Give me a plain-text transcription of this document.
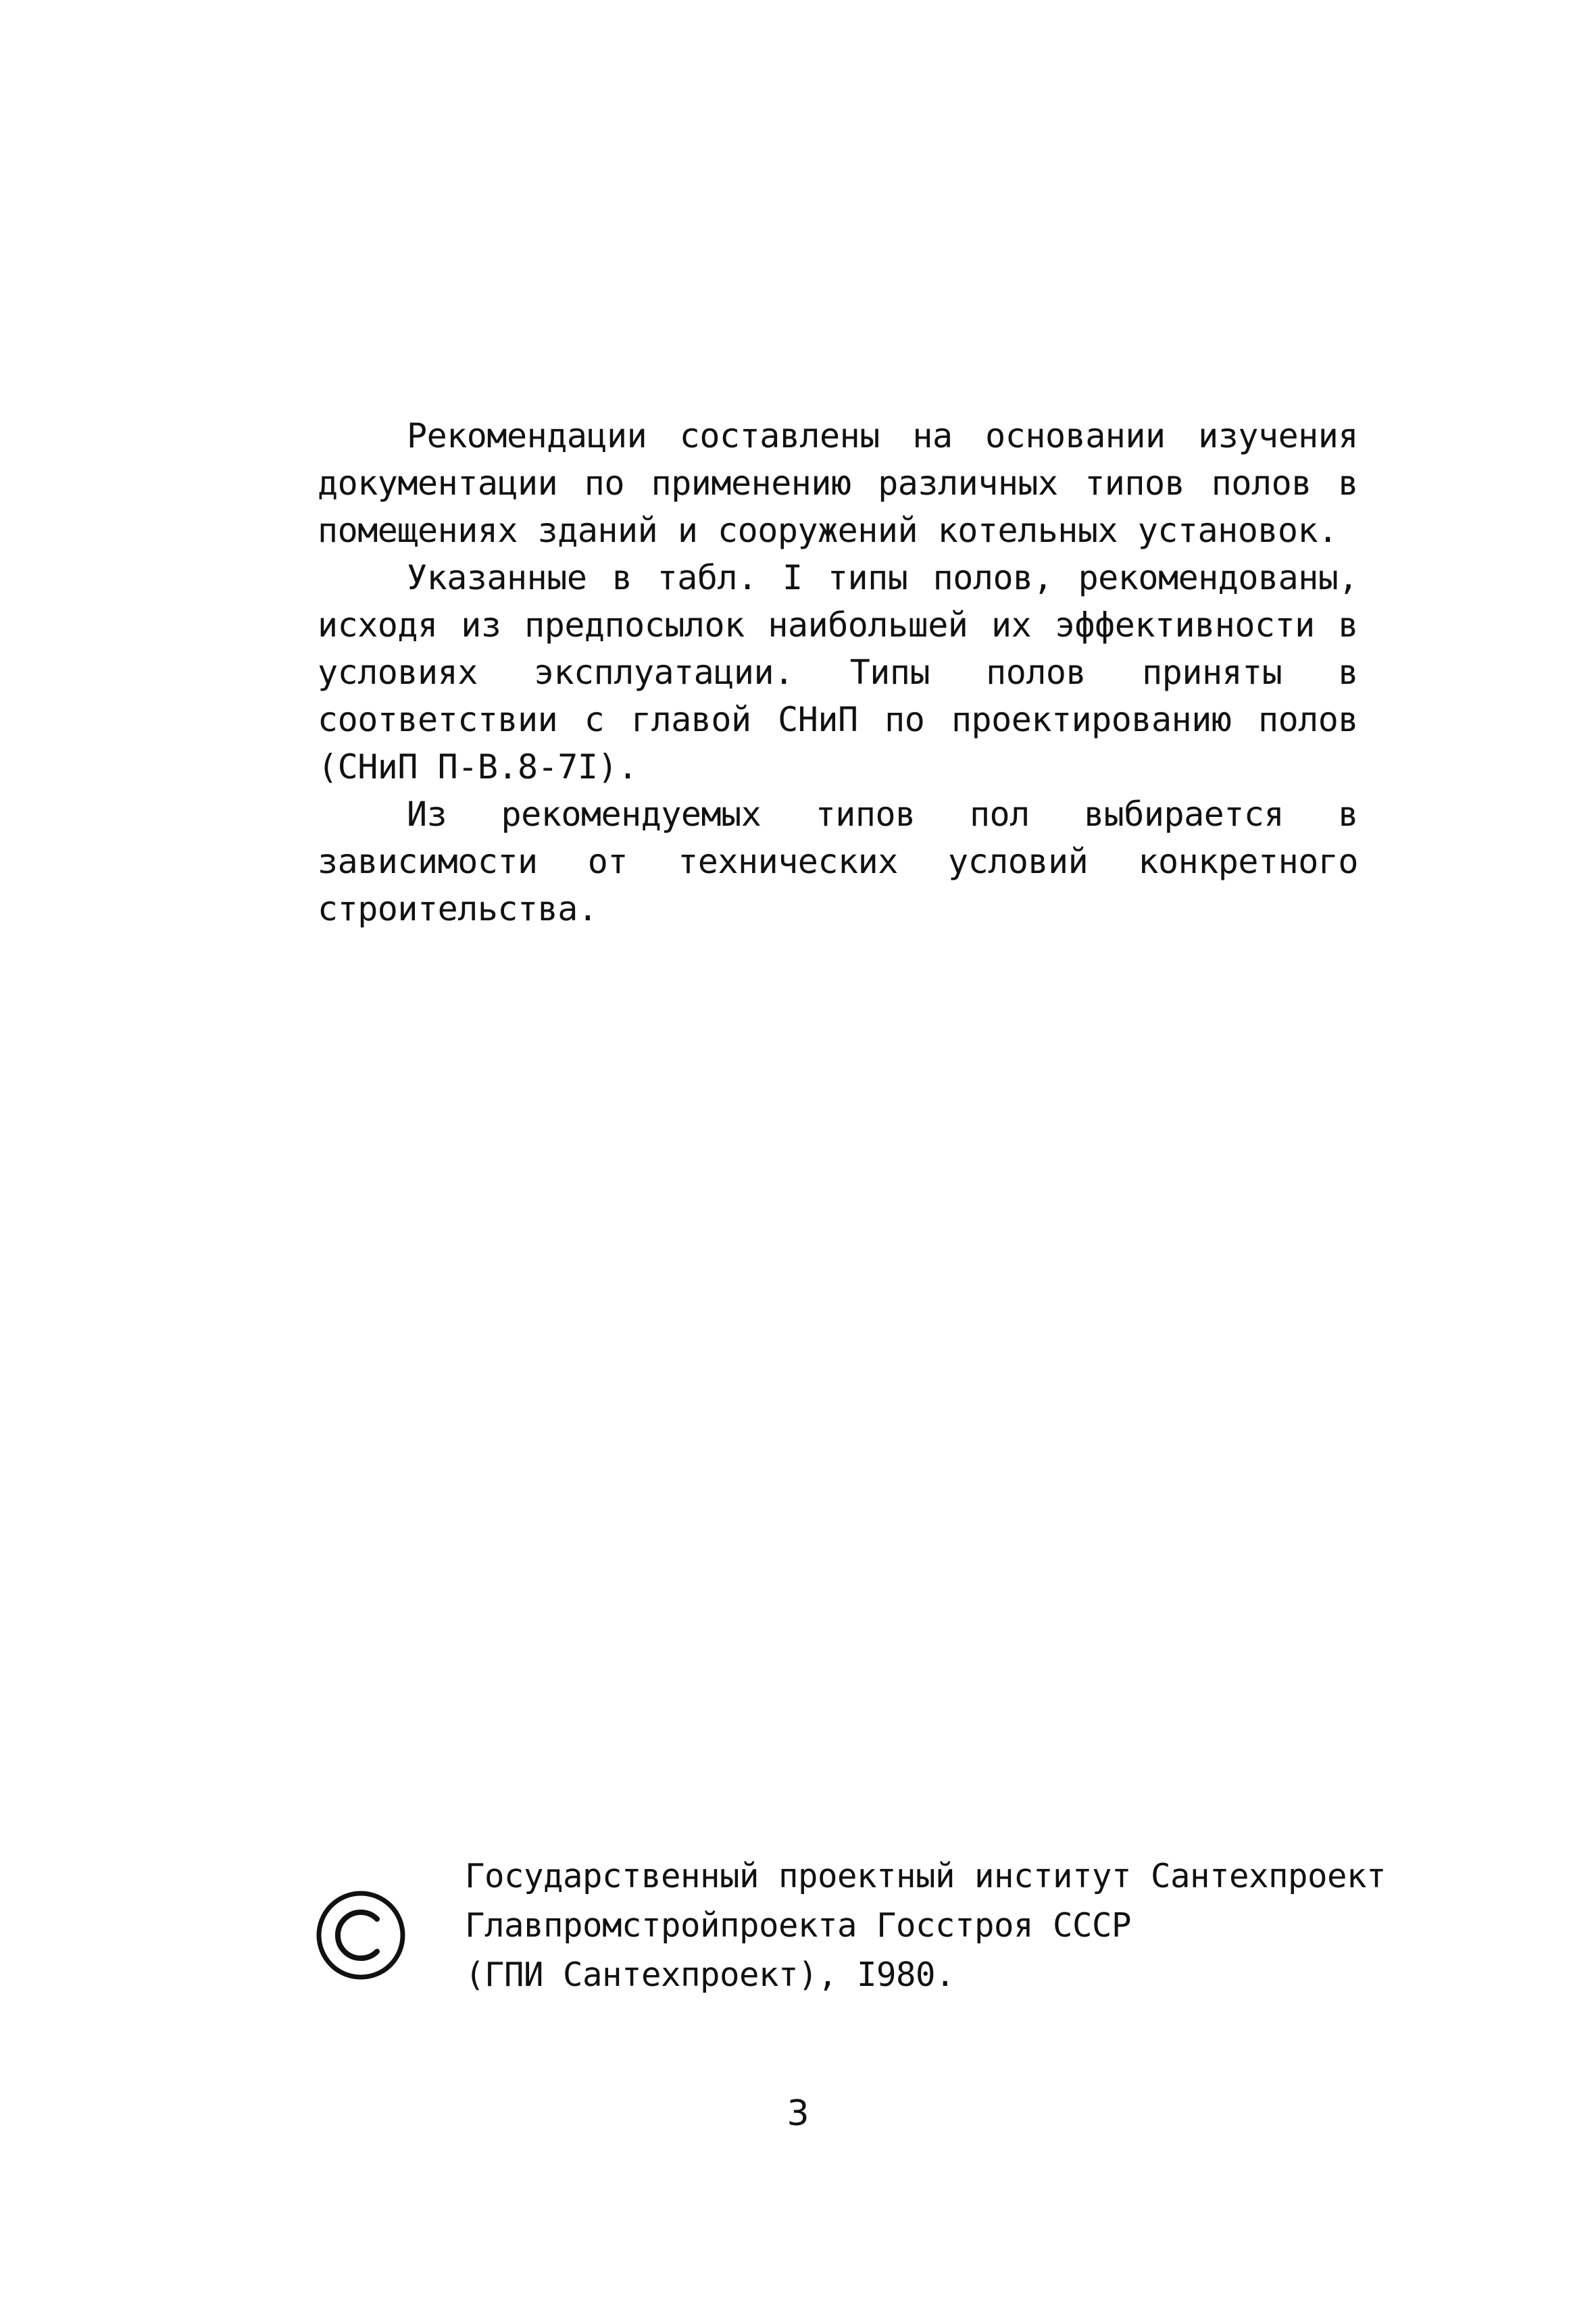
Рекомендации составлены на основании изучения документации по применению различных типов полов в помещениях зданий и сооружений котельных установок.

Указанные в табл. I типы полов, рекомендованы, исходя из предпосылок наибольшей их эффективности в условиях эксплуатации. Типы полов приняты в соответствии с главой СНиП по проектированию полов (СНиП П-В.8-7I).

Из рекомендуемых типов пол выбирается в зависимости от технических условий конкретного строительства.

Государственный проектный институт Сантехпроект
Главпромстройпроекта Госстроя СССР
(ГПИ Сантехпроект), I980.
3
